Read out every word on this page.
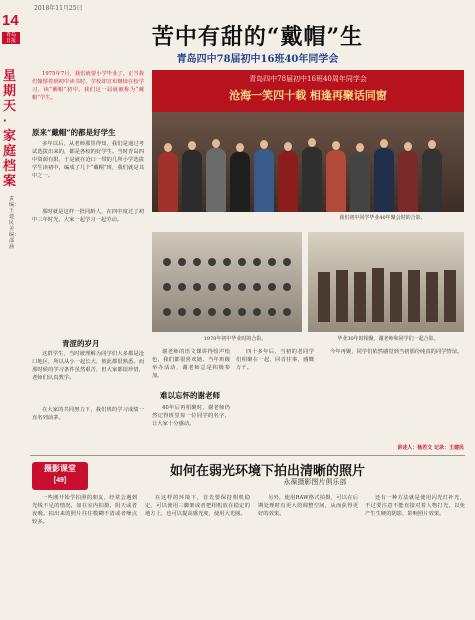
2018年11月25日
14
青岛
日报
星期天·家庭档案
责编：王建民 美编：邵涵
苦中有甜的“戴帽”生
青岛四中78届初中16班40年同学会
1975年7月，我们就要小学毕业了。正当我们憧憬着到初中读书时，学校却宣布继续在校学习，读“戴帽”初中。我们这一届就被称为“戴帽”学生。
原来“戴帽”的都是好学生
多年以后，从老师那里得知，我们是通过考试选拔出来的，都是各校的好学生。当时青岛四中资源有限，于是就在沧口一带的几所小学选拔学生读初中，编成了几个“戴帽”班，我们就是其中之一。
那时就是这样一批同龄人，在四中度过了初中三年时光，大家一起学习一起劳动。
青涩的岁月
这群学生，当时被理解为同学们大多都是沧口地区，所以从小一起长大，彼此都很熟悉。而那时候的学习条件虽然艰苦，但大家都很珍惜，老师们认真教学。
在大家的共同努力下，我们班的学习成绩一直名列前茅。
青岛四中78届初中16班40周年同学会
沧海一笑四十载 相逢再聚话同窗
我们初中同学毕业40年聚会时的合影。
1978年初中毕业时的合影。	毕业30年时相聚，谢老师和同学们一起合影。
谢老师的语文课讲得绘声绘色，我们都很喜欢她。当年班级举办活动，谢老师总是积极参加。
难以忘怀的谢老师
40年后再相聚时，谢老师仍然记得班里每一位同学的名字，让大家十分感动。
四十多年后，当初的老同学们相聚在一起，回首往事，感慨万千。
今年再聚，同学们依然感觉到当初那份纯真的同学情谊。
讲述人：杨若文 记录：王建民
摄影课堂
[49]
如何在弱光环境下拍出清晰的照片
永葆摄影图片俱乐部
一些刚开始学拍照的朋友，经常会遇到光线不足的情况，如在室内拍摄、阴天或者夜晚。拍出来的照片往往模糊不清或者噪点较多。
在这样的环境下，首先要保持相机稳定，可以使用三脚架或者把相机放在稳定的地方上，也可以提高感光度，使用大光圈。
另外，使用RAW格式拍摄，可以在后期处理时有更大的调整空间，从而获得更好的效果。
还有一种方法就是使用闪光灯补光，不过要注意不能直接对着人物打光，以免产生生硬的阴影，影响照片效果。
